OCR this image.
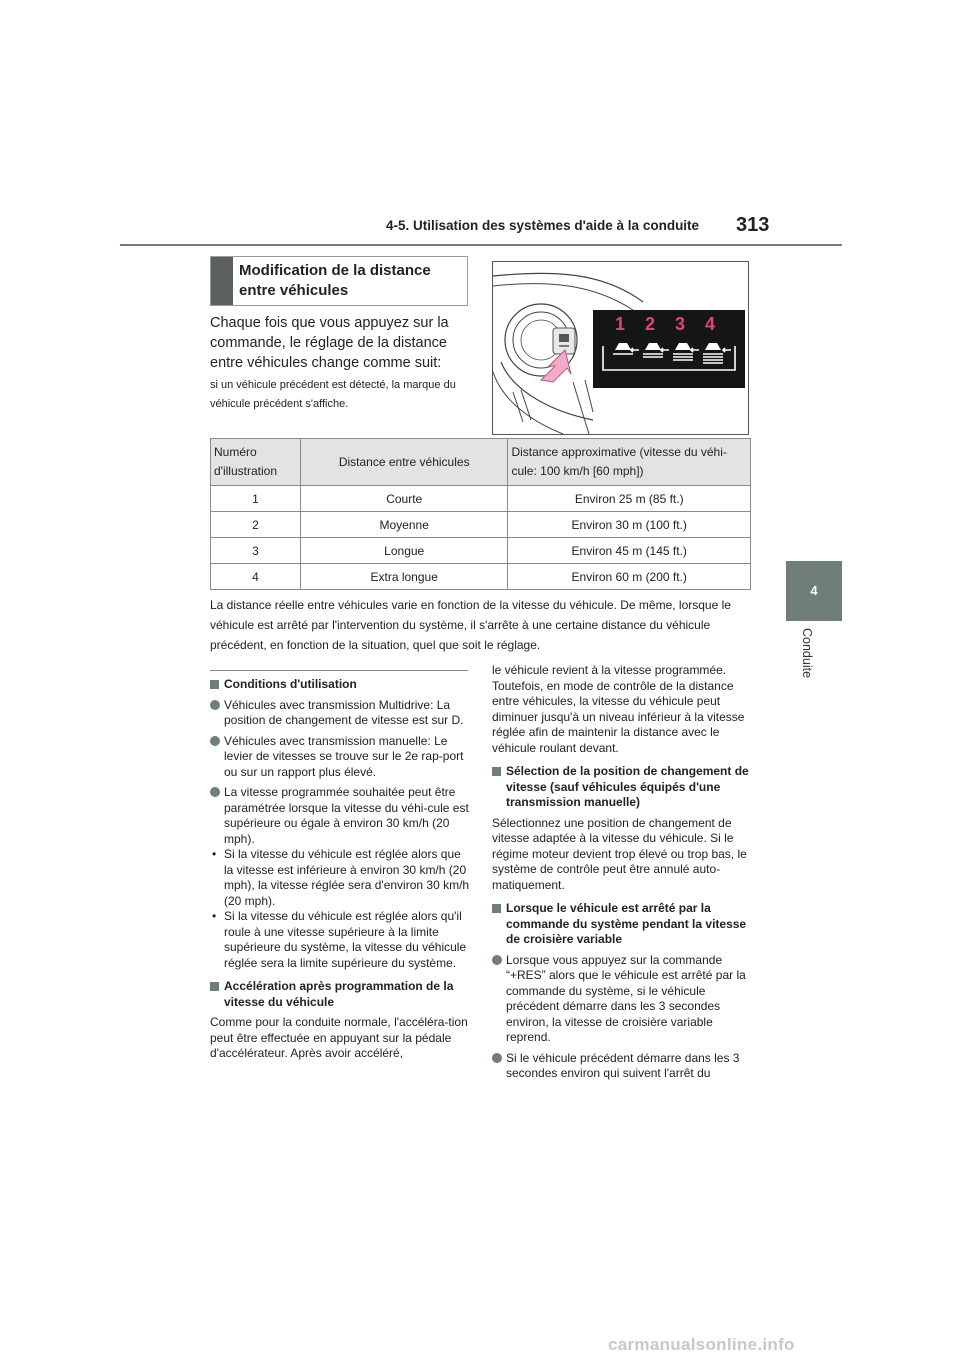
4-5. Utilisation des systèmes d'aide à la conduite 313
4
Conduite
Modification de la distance entre véhicules
Chaque fois que vous appuyez sur la commande, le réglage de la distance entre véhicules change comme suit:
si un véhicule précédent est détecté, la marque du véhicule précédent s'affiche.
1 2 3 4
Numéro d'illustration	Distance entre véhicules	Distance approximative (vitesse du véhi-cule: 100 km/h [60 mph])
1	Courte	Environ 25 m (85 ft.)
2	Moyenne	Environ 30 m (100 ft.)
3	Longue	Environ 45 m (145 ft.)
4	Extra longue	Environ 60 m (200 ft.)
La distance réelle entre véhicules varie en fonction de la vitesse du véhicule. De même, lorsque le véhicule est arrêté par l'intervention du système, il s'arrête à une certaine distance du véhicule précédent, en fonction de la situation, quel que soit le réglage.
Conditions d'utilisation
Véhicules avec transmission Multidrive: La position de changement de vitesse est sur D.
Véhicules avec transmission manuelle: Le levier de vitesses se trouve sur le 2e rap-port ou sur un rapport plus élevé.
La vitesse programmée souhaitée peut être paramétrée lorsque la vitesse du véhi-cule est supérieure ou égale à environ 30 km/h (20 mph).
• Si la vitesse du véhicule est réglée alors que la vitesse est inférieure à environ 30 km/h (20 mph), la vitesse réglée sera d'environ 30 km/h (20 mph).
• Si la vitesse du véhicule est réglée alors qu'il roule à une vitesse supérieure à la limite supérieure du système, la vitesse du véhicule réglée sera la limite supérieure du système.
Accélération après programmation de la vitesse du véhicule
Comme pour la conduite normale, l'accéléra-tion peut être effectuée en appuyant sur la pédale d'accélérateur. Après avoir accéléré,
le véhicule revient à la vitesse programmée. Toutefois, en mode de contrôle de la distance entre véhicules, la vitesse du véhicule peut diminuer jusqu'à un niveau inférieur à la vitesse réglée afin de maintenir la distance avec le véhicule roulant devant.
Sélection de la position de changement de vitesse (sauf véhicules équipés d'une transmission manuelle)
Sélectionnez une position de changement de vitesse adaptée à la vitesse du véhicule. Si le régime moteur devient trop élevé ou trop bas, le système de contrôle peut être annulé auto-matiquement.
Lorsque le véhicule est arrêté par la commande du système pendant la vitesse de croisière variable
Lorsque vous appuyez sur la commande “+RES” alors que le véhicule est arrêté par la commande du système, si le véhicule précédent démarre dans les 3 secondes environ, la vitesse de croisière variable reprend.
Si le véhicule précédent démarre dans les 3 secondes environ qui suivent l'arrêt du
carmanualsonline.info
